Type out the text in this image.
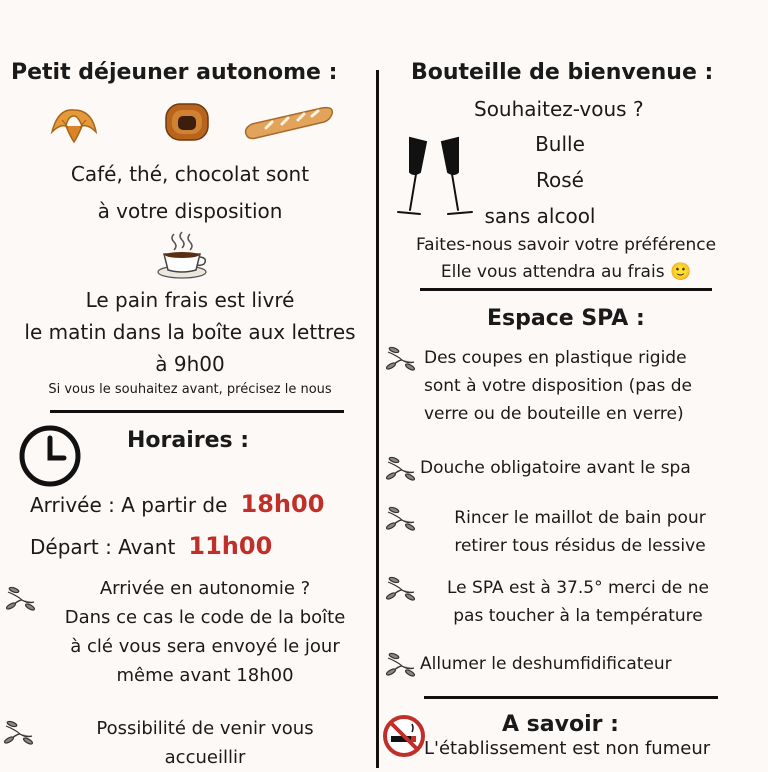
Petit déjeuner autonome :
Café, thé, chocolat sont
à votre disposition
Le pain frais est livré
le matin dans la boîte aux lettres
à 9h00
Si vous le souhaitez avant, précisez le nous
Horaires :
Arrivée : A partir de 18h00
Départ : Avant 11h00
Arrivée en autonomie ?
Dans ce cas le code de la boîte
à clé vous sera envoyé le jour
même avant 18h00
Possibilité de venir vous
accueillir
Bouteille de bienvenue :
Souhaitez-vous ?
Bulle
Rosé
sans alcool
Faites-nous savoir votre préférence
Elle vous attendra au frais 🙂
Espace SPA :
Des coupes en plastique rigide
sont à votre disposition (pas de
verre ou de bouteille en verre)
Douche obligatoire avant le spa
Rincer le maillot de bain pour
retirer tous résidus de lessive
Le SPA est à 37.5° merci de ne
pas toucher à la température
Allumer le deshumfidificateur
A savoir :
L'établissement est non fumeur
